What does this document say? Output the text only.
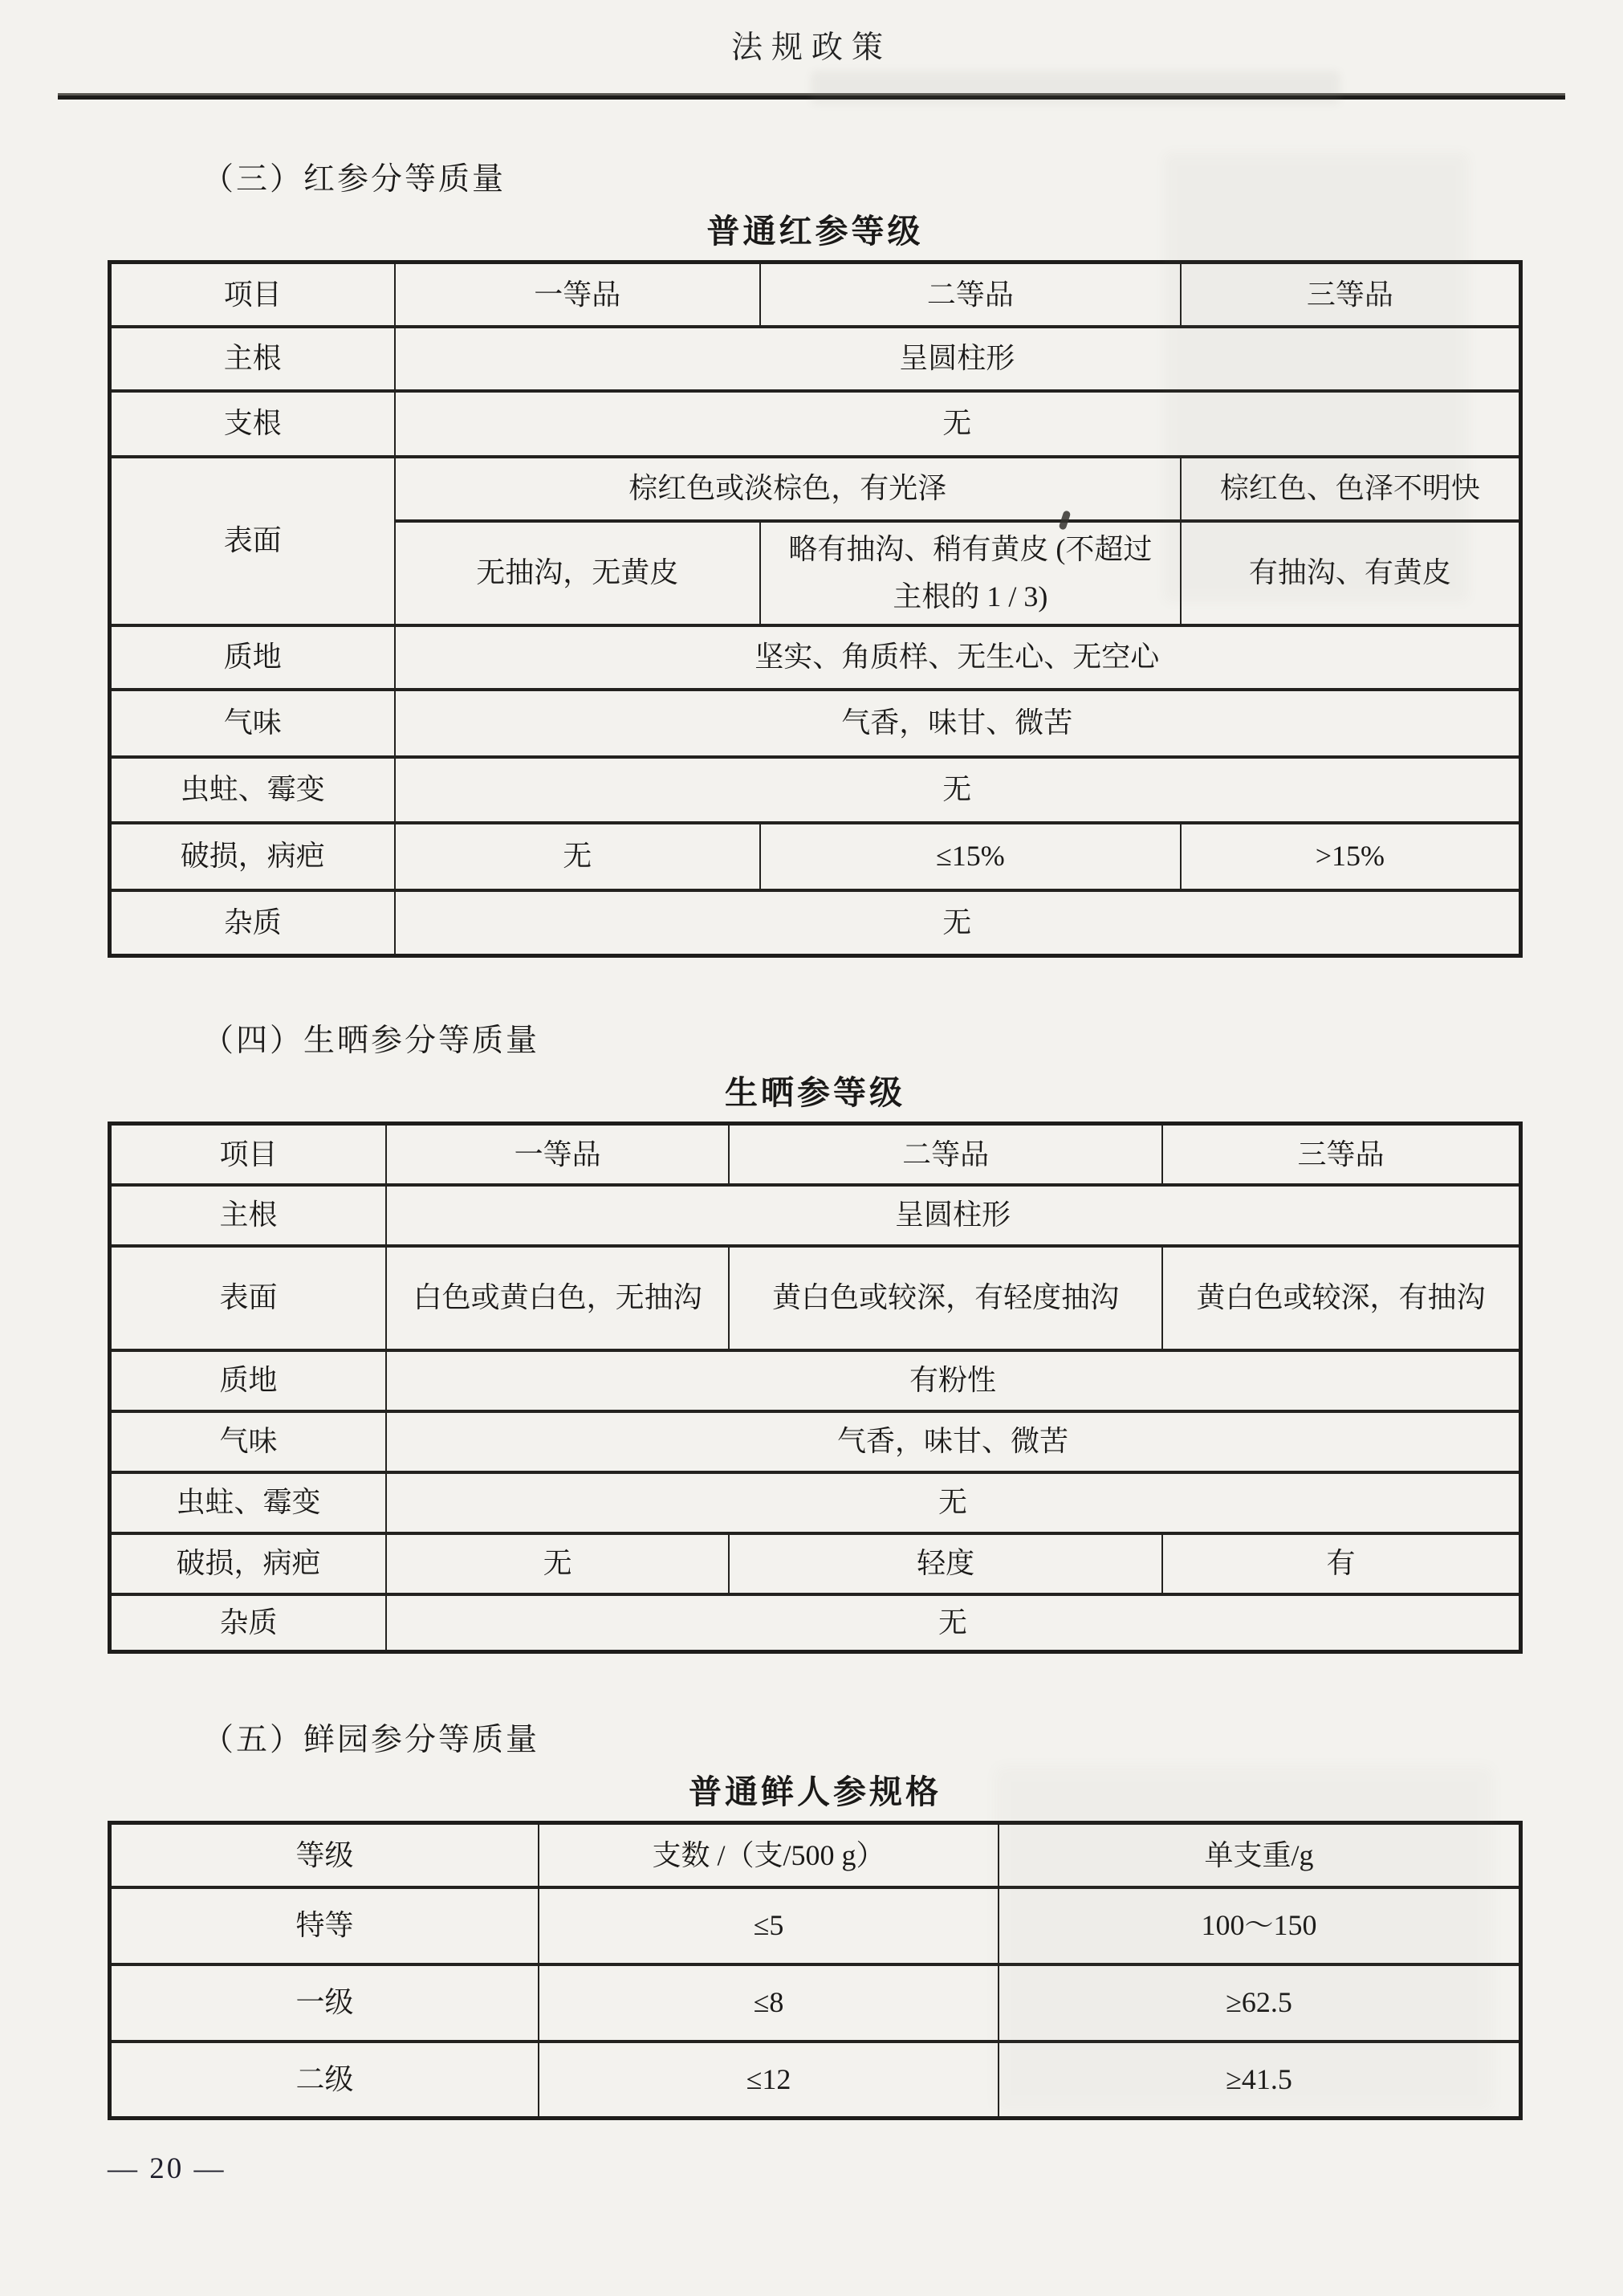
法规政策
（三）红参分等质量
普通红参等级
项目	一等品	二等品	三等品
主根	呈圆柱形		
支根	无		
表面	棕红色或淡棕色，有光泽		棕红色、色泽不明快
	无抽沟，无黄皮	略有抽沟、稍有黄皮 (不超过主根的 1 / 3)	有抽沟、有黄皮
质地	坚实、角质样、无生心、无空心		
气味	气香，味甘、微苦		
虫蛀、霉变	无		
破损，病疤	无	≤15%	>15%
杂质	无		
（四）生晒参分等质量
生晒参等级
项目	一等品	二等品	三等品
主根	呈圆柱形		
表面	白色或黄白色，无抽沟	黄白色或较深，有轻度抽沟	黄白色或较深，有抽沟
质地	有粉性		
气味	气香，味甘、微苦		
虫蛀、霉变	无		
破损，病疤	无	轻度	有
杂质	无		
（五）鲜园参分等质量
普通鲜人参规格
等级	支数 /（支/500 g）	单支重/g
特等	≤5	100～150
一级	≤8	≥62.5
二级	≤12	≥41.5
— 20 —
